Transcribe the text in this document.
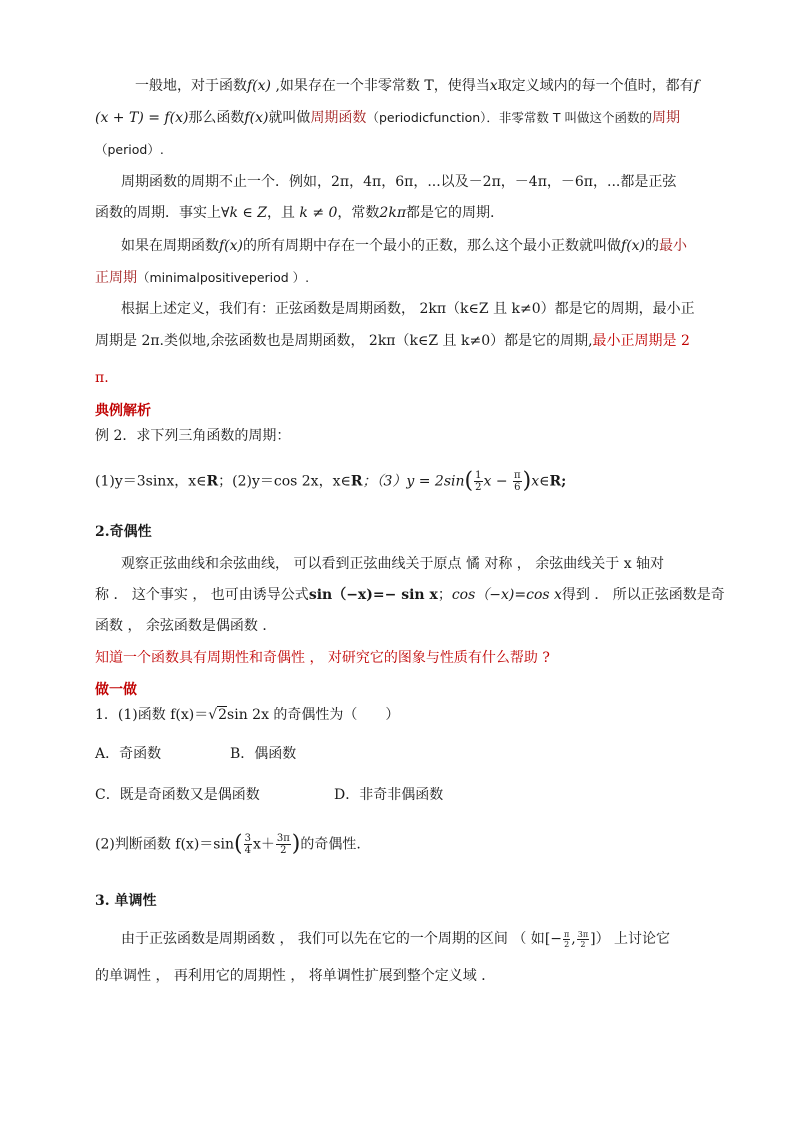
一般地，对于函数f(x) ,如果存在一个非零常数 T，使得当x取定义域内的每一个值时，都有f
(x + T) = f(x)那么函数f(x)就叫做周期函数（periodicfunction）．非零常数 T 叫做这个函数的周期
（period）.
周期函数的周期不止一个．例如，2π，4π，6π，...以及－2π，－4π，－6π，...都是正弦
函数的周期．事实上∀k ∈ Z，且 k ≠ 0，常数2kπ都是它的周期.
如果在周期函数f(x)的所有周期中存在一个最小的正数，那么这个最小正数就叫做f(x)的最小
正周期（minimalpositiveperiod ）.
根据上述定义，我们有：正弦函数是周期函数， 2kπ（k∈Z 且 k≠0）都是它的周期，最小正
周期是 2π.类似地,余弦函数也是周期函数， 2kπ（k∈Z 且 k≠0）都是它的周期,最小正周期是 2
π.
典例解析
例 2．求下列三角函数的周期：
(1)y＝3sinx，x∈R；(2)y＝cos 2x，x∈R；$(3)y = 2\sin( \frac{1}{2}$ $x - \frac{\pi}{6}$ )x∈R;
2.奇偶性
观察正弦曲线和余弦曲线， 可以看到正弦曲线关于原点 憰 对称 ， 余弦曲线关于 x 轴对
称 ． 这个事实 ， 也可由诱导公式sin（−x)=− sin x；cos（−x)=cos x得到 ． 所以正弦函数是奇
函数 ， 余弦函数是偶函数 ．
知道一个函数具有周期性和奇偶性 ， 对研究它的图象与性质有什么帮助 ?
做一做
1．(1)函数 f(x)＝√2sin 2x 的奇偶性为（　　）
A．奇函数	B．偶函数
C．既是奇函数又是偶函数	D．非奇非偶函数
(2)判断函数 $f(x)=\sin( \frac{3}{4} x+ \frac{3\pi}{2}$ )的奇偶性.
3. 单调性
由于正弦函数是周期函数 ， 我们可以先在它的一个周期的区间 （ 如[− $\frac{\pi}{2}$ , $\frac{3\pi}{2}$ ]） 上讨论它
的单调性 ， 再利用它的周期性 ， 将单调性扩展到整个定义域 ．
